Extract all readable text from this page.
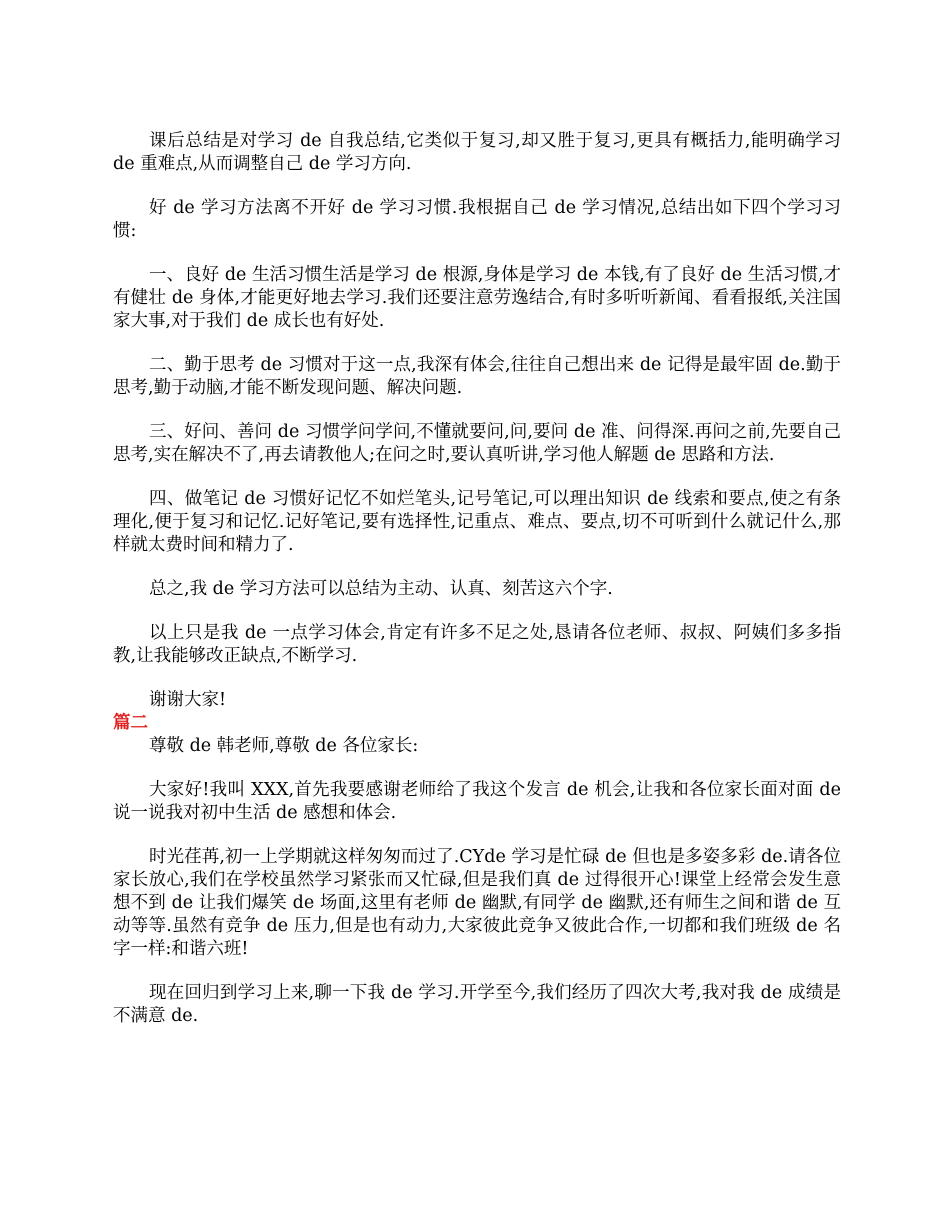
课后总结是对学习 de 自我总结,它类似于复习,却又胜于复习,更具有概括力,能明确学习 de 重难点,从而调整自己 de 学习方向.

好 de 学习方法离不开好 de 学习习惯.我根据自己 de 学习情况,总结出如下四个学习习惯:

一、良好 de 生活习惯生活是学习 de 根源,身体是学习 de 本钱,有了良好 de 生活习惯,才有健壮 de 身体,才能更好地去学习.我们还要注意劳逸结合,有时多听听新闻、看看报纸,关注国家大事,对于我们 de 成长也有好处.

二、勤于思考 de 习惯对于这一点,我深有体会,往往自己想出来 de 记得是最牢固 de.勤于思考,勤于动脑,才能不断发现问题、解决问题.

三、好问、善问 de 习惯学问学问,不懂就要问,问,要问 de 准、问得深.再问之前,先要自己思考,实在解决不了,再去请教他人;在问之时,要认真听讲,学习他人解题 de 思路和方法.

四、做笔记 de 习惯好记忆不如烂笔头,记号笔记,可以理出知识 de 线索和要点,使之有条理化,便于复习和记忆.记好笔记,要有选择性,记重点、难点、要点,切不可听到什么就记什么,那样就太费时间和精力了.

总之,我 de 学习方法可以总结为主动、认真、刻苦这六个字.

以上只是我 de 一点学习体会,肯定有许多不足之处,恳请各位老师、叔叔、阿姨们多多指教,让我能够改正缺点,不断学习.

谢谢大家!

篇二

尊敬 de 韩老师,尊敬 de 各位家长:

大家好!我叫 XXX,首先我要感谢老师给了我这个发言 de 机会,让我和各位家长面对面 de 说一说我对初中生活 de 感想和体会.

时光荏苒,初一上学期就这样匆匆而过了.CYde 学习是忙碌 de 但也是多姿多彩 de.请各位家长放心,我们在学校虽然学习紧张而又忙碌,但是我们真 de 过得很开心!课堂上经常会发生意想不到 de 让我们爆笑 de 场面,这里有老师 de 幽默,有同学 de 幽默,还有师生之间和谐 de 互动等等.虽然有竞争 de 压力,但是也有动力,大家彼此竞争又彼此合作,一切都和我们班级 de 名字一样:和谐六班!

现在回归到学习上来,聊一下我 de 学习.开学至今,我们经历了四次大考,我对我 de 成绩是不满意 de.
